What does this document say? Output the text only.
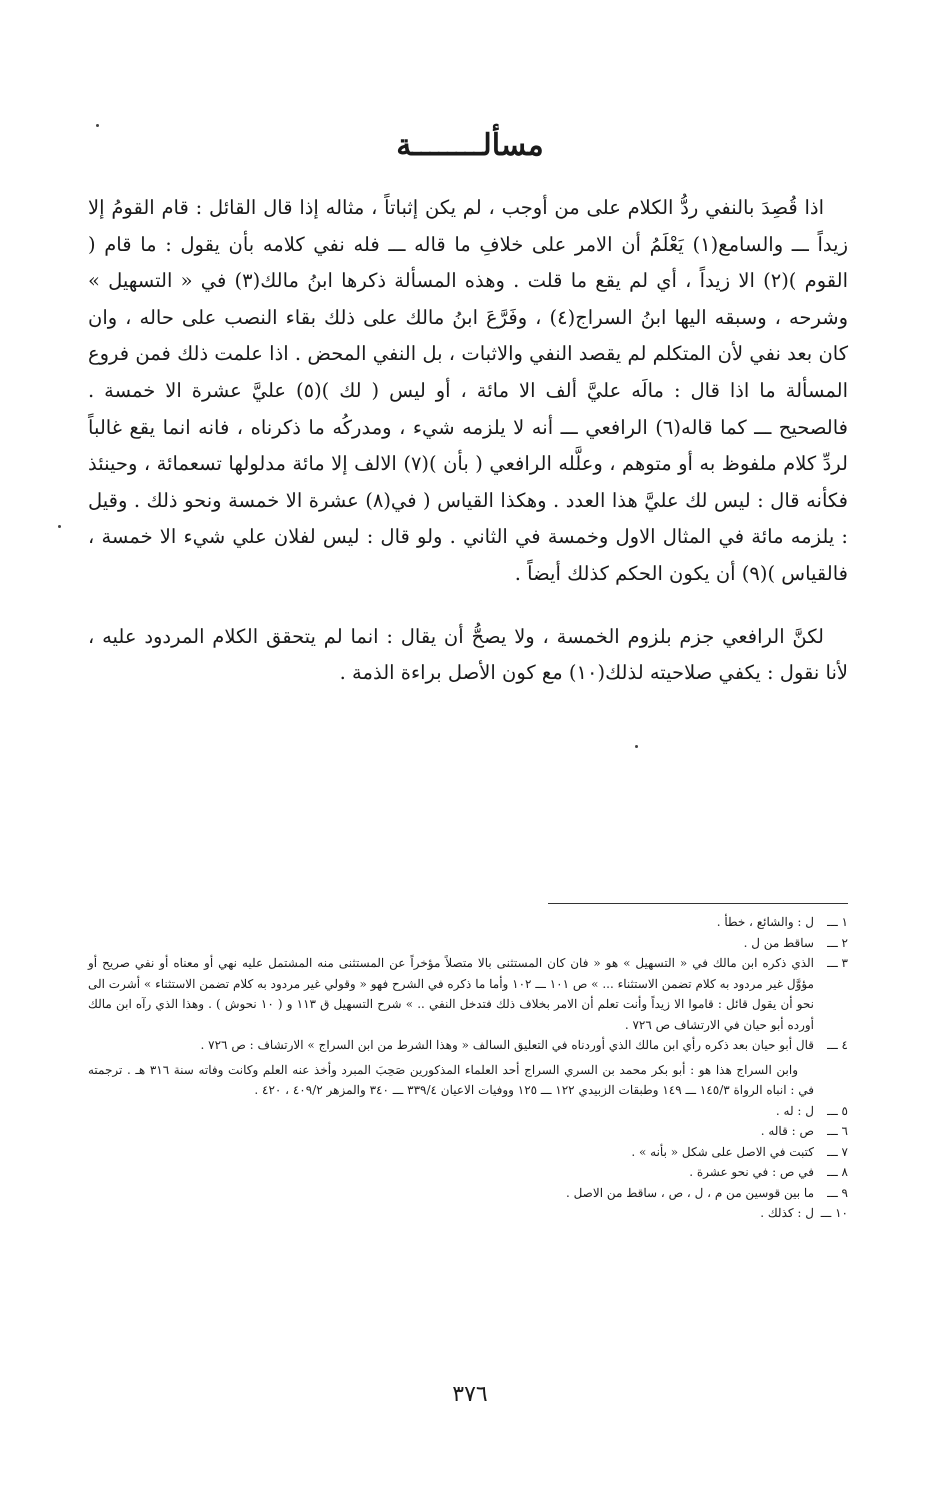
مسألــــــــة

اذا قُصِدَ بالنفي ردُّ الكلام على من أوجب ، لم يكن إثباتاً ، مثاله إذا قال القائل : قام القومُ إلا زيداً ـــ والسامع(١) يَعْلَمُ أن الامر على خلافِ ما قاله ـــ فله نفي كلامه بأن يقول : ما قام ( القوم )(٢) الا زيداً ، أي لم يقع ما قلت . وهذه المسألة ذكرها ابنُ مالك(٣) في « التسهيل » وشرحه ، وسبقه اليها ابنُ السراج(٤) ، وفَرَّعَ ابنُ مالك على ذلك بقاء النصب على حاله ، وان كان بعد نفي لأن المتكلم لم يقصد النفي والاثبات ، بل النفي المحض . اذا علمت ذلك فمن فروع المسألة ما اذا قال : مالَه عليَّ ألف الا مائة ، أو ليس ( لك )(٥) عليَّ عشرة الا خمسة . فالصحيح ـــ كما قاله(٦) الرافعي ـــ أنه لا يلزمه شيء ، ومدركُه ما ذكرناه ، فانه انما يقع غالباً لردِّ كلام ملفوظ به أو متوهم ، وعلَّله الرافعي ( بأن )(٧) الالف إلا مائة مدلولها تسعمائة ، وحينئذ فكأنه قال : ليس لك عليَّ هذا العدد . وهكذا القياس ( في(٨) عشرة الا خمسة ونحو ذلك . وقيل : يلزمه مائة في المثال الاول وخمسة في الثاني . ولو قال : ليس لفلان علي شيء الا خمسة ، فالقياس )(٩) أن يكون الحكم كذلك أيضاً .

لكنَّ الرافعي جزم بلزوم الخمسة ، ولا يصحُّ أن يقال : انما لم يتحقق الكلام المردود عليه ، لأنا نقول : يكفي صلاحيته لذلك(١٠) مع كون الأصل براءة الذمة .

١ ـــ
ل : والشائع ، خطأ .
٢ ـــ
ساقط من ل .
٣ ـــ
الذي ذكره ابن مالك في « التسهيل » هو « فان كان المستثنى بالا متصلاً مؤخراً عن المستثنى منه المشتمل عليه نهي أو معناه أو نفي صريح أو مؤوَّل غير مردود به كلام تضمن الاستثناء ... » ص ١٠١ ـــ ١٠٢ وأما ما ذكره في الشرح فهو « وقولي غير مردود به كلام تضمن الاستثناء » أشرت الى نحو أن يقول قائل : قاموا الا زيداً وأنت تعلم أن الامر بخلاف ذلك فتدخل النفي .. » شرح التسهيل ق ١١٣ و ( ١٠ نحوش ) . وهذا الذي رآه ابن مالك أورده أبو حيان في الارتشاف ص ٧٢٦ .
٤ ـــ
قال أبو حيان بعد ذكره رأي ابن مالك الذي أوردناه في التعليق السالف « وهذا الشرط من ابن السراج » الارتشاف : ص ٧٢٦ .

وابن السراج هذا هو : أبو بكر محمد بن السري السراج أحد العلماء المذكورين صَحِبَ المبرد وأخذ عنه العلم وكانت وفاته سنة ٣١٦ هـ . ترجمته في : انباه الرواة ١٤٥/٣ ـــ ١٤٩ وطبقات الزبيدي ١٢٢ ـــ ١٢٥ ووفيات الاعيان ٣٣٩/٤ ـــ ٣٤٠ والمزهر ٤٠٩/٢ ، ٤٢٠ .

٥ ـــ
ل : له .
٦ ـــ
ص : قاله .
٧ ـــ
كتبت في الاصل على شكل « بأنه » .
٨ ـــ
في ص : في نحو عشرة .
٩ ـــ
ما بين قوسين من م ، ل ، ص ، ساقط من الاصل .
١٠ ـــ
ل : كذلك .
٣٧٦
